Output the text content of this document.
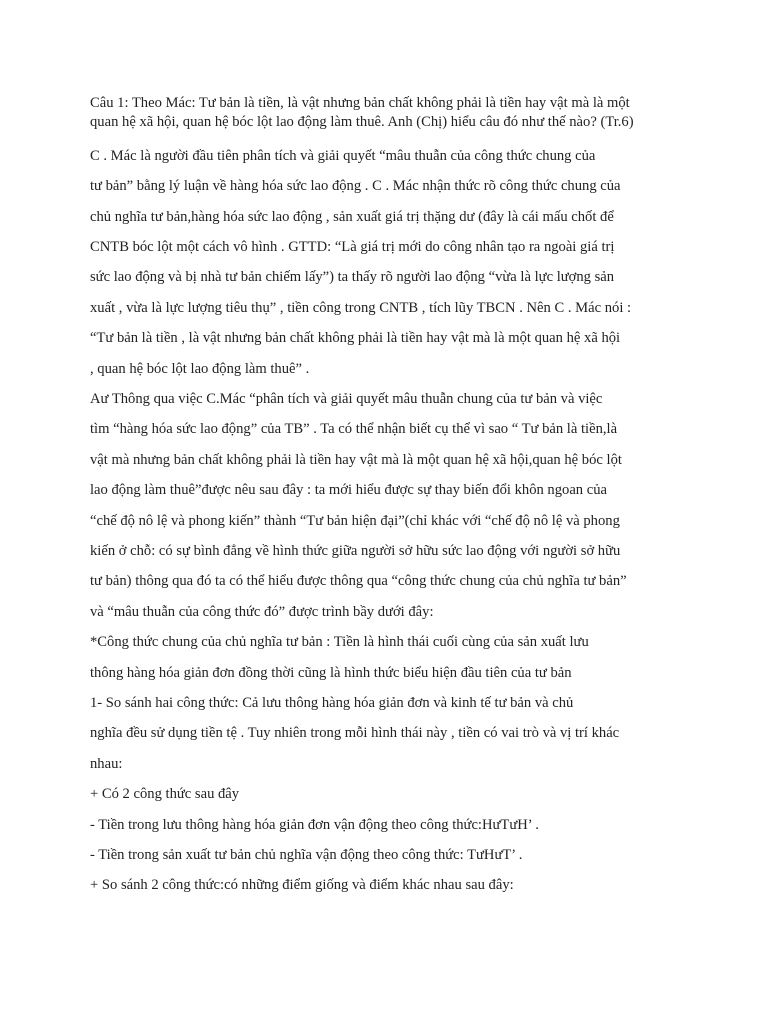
Câu 1: Theo Mác: Tư bản là tiền, là vật nhưng bản chất không phải là tiền hay vật mà là một
quan hệ xã hội, quan hệ bóc lột lao động làm thuê. Anh (Chị) hiểu câu đó như thế nào? (Tr.6)
C . Mác là người đầu tiên phân tích và giải quyết “mâu thuẫn của công thức chung của
tư bản” bằng lý luận về hàng hóa sức lao động . C . Mác nhận thức rõ công thức chung của
chủ nghĩa tư bản,hàng hóa sức lao động , sản xuất giá trị thặng dư (đây là cái mấu chốt để
CNTB bóc lột một cách vô hình . GTTD: “Là giá trị mới do công nhân tạo ra ngoài giá trị
sức lao động và bị nhà tư bản chiếm lấy”) ta thấy rõ người lao động “vừa là lực lượng sản
xuất , vừa là lực lượng tiêu thụ” , tiền công trong CNTB , tích lũy TBCN . Nên C . Mác nói :
“Tư bản là tiền , là vật nhưng bản chất không phải là tiền hay vật mà là một quan hệ xã hội
, quan hệ bóc lột lao động làm thuê” .
Aư Thông qua việc C.Mác “phân tích và giải quyết mâu thuẫn chung của tư bản và việc
tìm “hàng hóa sức lao động” của TB” . Ta có thể nhận biết cụ thể vì sao “ Tư bản là tiền,là
vật mà nhưng bản chất không phải là tiền hay vật mà là một quan hệ xã hội,quan hệ bóc lột
lao động làm thuê”được nêu sau đây : ta mới hiểu được sự thay biến đổi khôn ngoan của
“chế độ nô lệ và phong kiến” thành “Tư bản hiện đại”(chỉ khác với “chế độ nô lệ và phong
kiến ở chỗ: có sự bình đẳng về hình thức giữa người sở hữu sức lao động với người sở hữu
tư bản) thông qua đó ta có thể hiểu được thông qua “công thức chung của chủ nghĩa tư bản”
và “mâu thuẫn của công thức đó” được trình bầy dưới đây:
*Công thức chung của chủ nghĩa tư bản : Tiền là hình thái cuối cùng của sản xuất lưu
thông hàng hóa giản đơn đồng thời cũng là hình thức biểu hiện đầu tiên của tư bản
1- So sánh hai công thức: Cả lưu thông hàng hóa giản đơn và kinh tế tư bản và chủ
nghĩa đều sử dụng tiền tệ . Tuy nhiên trong mỗi hình thái này , tiền có vai trò và vị trí khác
nhau:
+ Có 2 công thức sau đây
- Tiền trong lưu thông hàng hóa giản đơn vận động theo công thức:HưTưH’ .
- Tiền trong sản xuất tư bản chủ nghĩa vận động theo công thức: TưHưT’ .
+ So sánh 2 công thức:có những điểm giống và điểm khác nhau sau đây:
